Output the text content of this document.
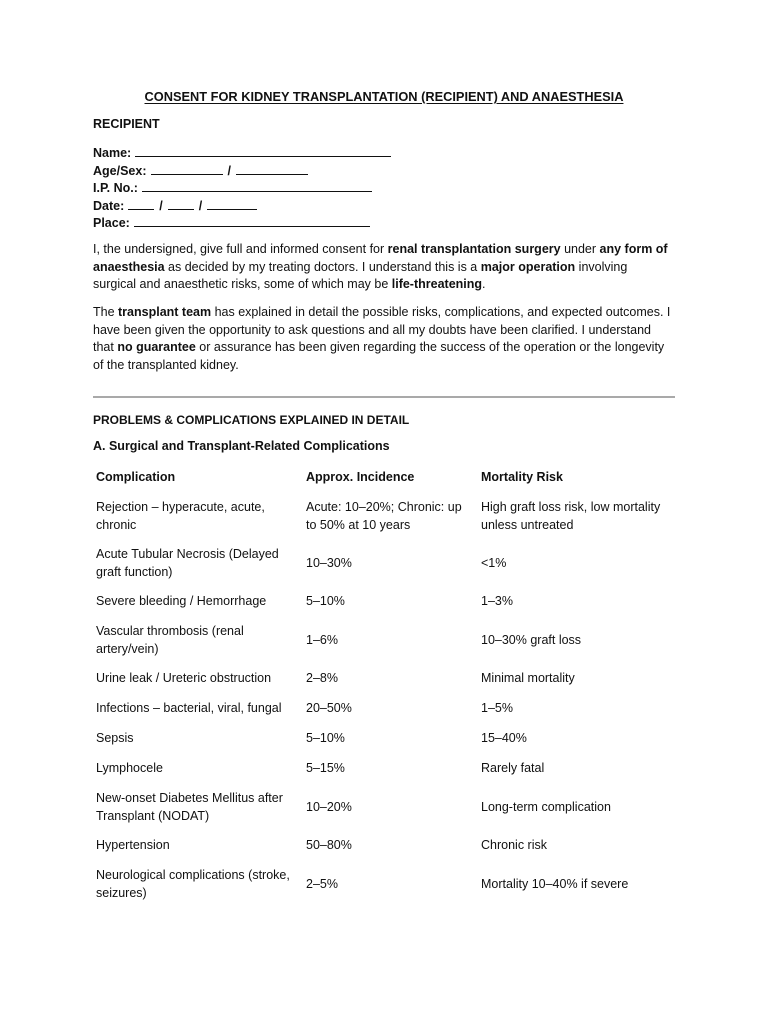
CONSENT FOR KIDNEY TRANSPLANTATION (RECIPIENT) AND ANAESTHESIA
RECIPIENT
Name:
Age/Sex:	/
I.P. No.:
Date:	/	/
Place:
I, the undersigned, give full and informed consent for renal transplantation surgery under any form of anaesthesia as decided by my treating doctors. I understand this is a major operation involving surgical and anaesthetic risks, some of which may be life-threatening.
The transplant team has explained in detail the possible risks, complications, and expected outcomes. I have been given the opportunity to ask questions and all my doubts have been clarified. I understand that no guarantee or assurance has been given regarding the success of the operation or the longevity of the transplanted kidney.
PROBLEMS & COMPLICATIONS EXPLAINED IN DETAIL
A. Surgical and Transplant-Related Complications
Complication	Approx. Incidence	Mortality Risk
Rejection – hyperacute, acute, chronic	Acute: 10–20%; Chronic: up to 50% at 10 years	High graft loss risk, low mortality unless untreated
Acute Tubular Necrosis (Delayed graft function)	10–30%	<1%
Severe bleeding / Hemorrhage	5–10%	1–3%
Vascular thrombosis (renal artery/vein)	1–6%	10–30% graft loss
Urine leak / Ureteric obstruction	2–8%	Minimal mortality
Infections – bacterial, viral, fungal	20–50%	1–5%
Sepsis	5–10%	15–40%
Lymphocele	5–15%	Rarely fatal
New-onset Diabetes Mellitus after Transplant (NODAT)	10–20%	Long-term complication
Hypertension	50–80%	Chronic risk
Neurological complications (stroke, seizures)	2–5%	Mortality 10–40% if severe
